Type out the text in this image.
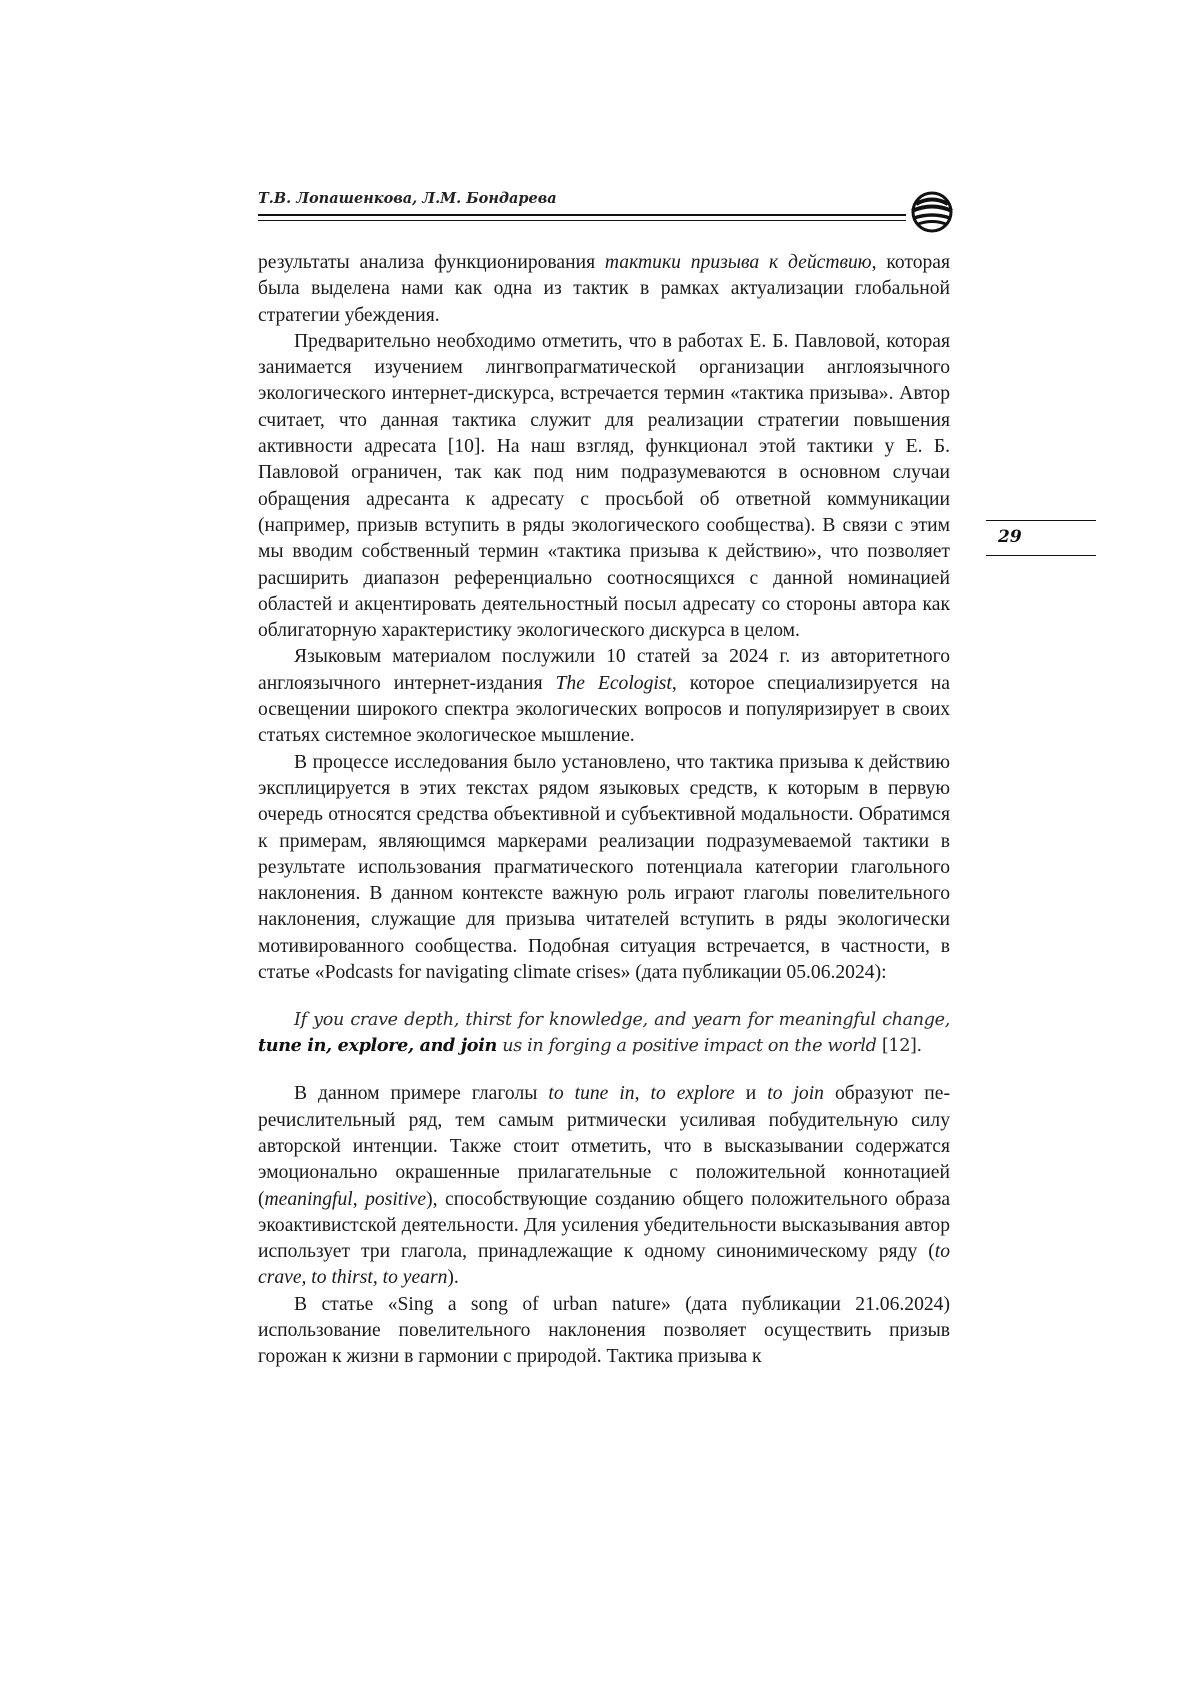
Т.В. Лопашенкова, Л.М. Бондарева
29

результаты анализа функционирования тактики призыва к действию, которая была выделена нами как одна из тактик в рамках актуализации глобальной стратегии убеждения.

Предварительно необходимо отметить, что в работах Е. Б. Павловой, которая занимается изучением лингвопрагматической организации англоязычного экологического интернет-дискурса, встречается термин «тактика призыва». Автор считает, что данная тактика служит для реализации стратегии повышения активности адресата [10]. На наш взгляд, функционал этой тактики у Е. Б. Павловой ограничен, так как под ним подразумеваются в основном случаи обращения адресанта к адресату с просьбой об ответной коммуникации (например, призыв вступить в ряды экологического сообщества). В связи с этим мы вводим собственный термин «тактика призыва к действию», что позволяет расширить диапазон референциально соотносящихся с данной номинацией областей и акцентировать деятельностный посыл адресату со стороны автора как облигаторную характеристику экологического дискурса в целом.

Языковым материалом послужили 10 статей за 2024 г. из авторитетного англоязычного интернет-издания The Ecologist, которое специализируется на освещении широкого спектра экологических вопросов и популяризирует в своих статьях системное экологическое мышление.

В процессе исследования было установлено, что тактика призыва к действию эксплицируется в этих текстах рядом языковых средств, к которым в первую очередь относятся средства объективной и субъективной модальности. Обратимся к примерам, являющимся маркерами реализации подразумеваемой тактики в результате использования прагматического потенциала категории глагольного наклонения. В данном контексте важную роль играют глаголы повелительного наклонения, служащие для призыва читателей вступить в ряды экологически мотивированного сообщества. Подобная ситуация встречается, в частности, в статье «Podcasts for navigating climate crises» (дата публикации 05.06.2024):

If you crave depth, thirst for knowledge, and yearn for meaningful change, tune in, explore, and join us in forging a positive impact on the world [12].

В данном примере глаголы to tune in, to explore и to join образуют перечислительный ряд, тем самым ритмически усиливая побудительную силу авторской интенции. Также стоит отметить, что в высказывании содержатся эмоционально окрашенные прилагательные с положительной коннотацией (meaningful, positive), способствующие созданию общего положительного образа экоактивистской деятельности. Для усиления убедительности высказывания автор использует три глагола, принадлежащие к одному синонимическому ряду (to crave, to thirst, to yearn).

В статье «Sing a song of urban nature» (дата публикации 21.06.2024) использование повелительного наклонения позволяет осуществить призыв горожан к жизни в гармонии с природой. Тактика призыва к
